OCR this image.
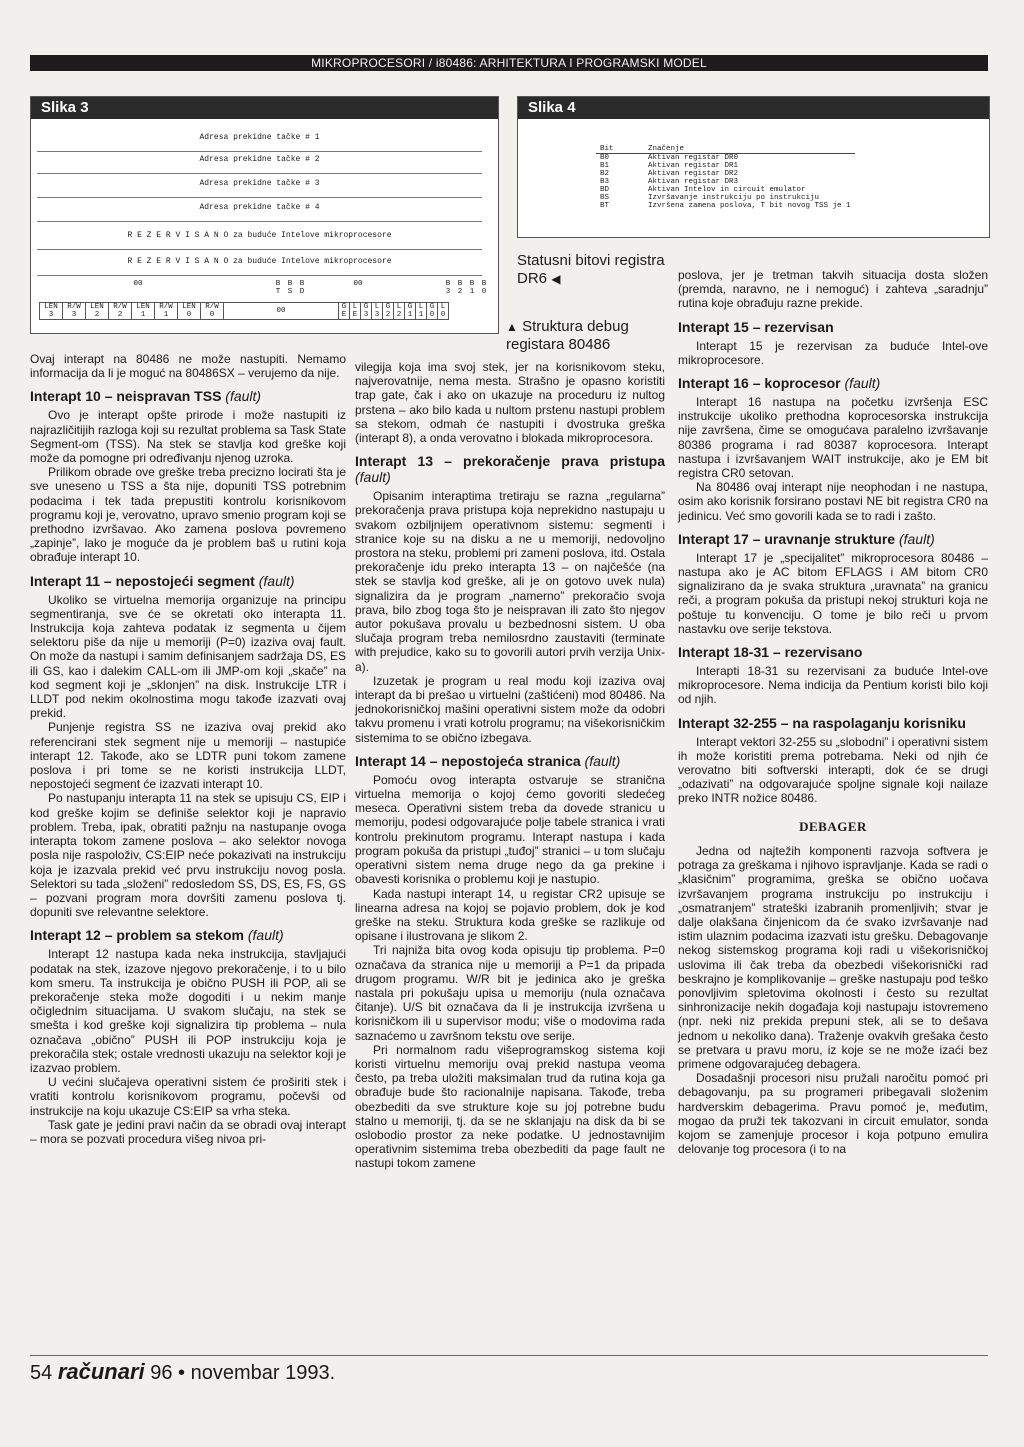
MIKROPROCESORI / i80486: ARHITEKTURA I PROGRAMSKI MODEL
Slika 3
Adresa prekidne tačke # 1
Adresa prekidne tačke # 2
Adresa prekidne tačke # 3
Adresa prekidne tačke # 4
R E Z E R V I S A N O za buduće Intelove mikroprocesore
R E Z E R V I S A N O za buduće Intelove mikroprocesore
00	B T
B S
B D
00	B 3
B 2
B 1
B 0
LEN 3	R/W 3	LEN 2	R/W 2	LEN 1	R/W 1	LEN 0	R/W 0	00	G E	L E	G 3	L 3	G 2	L 2	G 1	L 1	G 0	L 0
Slika 4
Bit	Značenje
B0	Aktivan registar DR0
B1	Aktivan registar DR1
B2	Aktivan registar DR2
B3	Aktivan registar DR3
BD	Aktivan Intelov in circuit emulator
BS	Izvršavanje instrukciju po instrukciju
BT	Izvršena zamena poslova, T bit novog TSS je 1
Statusni bitovi registra DR6 ◀
▲ Struktura debug registara 80486

Ovaj interapt na 80486 ne može nastupiti. Nemamo informacija da li je moguć na 80486SX – verujemo da nije.

Interapt 10 – neispravan TSS (fault)

Ovo je interapt opšte prirode i može nastupiti iz najrazličitijih razloga koji su rezultat problema sa Task State Segment-om (TSS). Na stek se stavlja kod greške koji može da pomogne pri određivanju njenog uzroka.

Prilikom obrade ove greške treba precizno locirati šta je sve uneseno u TSS a šta nije, dopuniti TSS potrebnim podacima i tek tada prepustiti kontrolu korisnikovom programu koji je, verovatno, upravo smenio program koji se prethodno izvršavao. Ako zamena poslova povremeno „zapinje”, lako je moguće da je problem baš u rutini koja obrađuje interapt 10.

Interapt 11 – nepostojeći segment (fault)

Ukoliko se virtuelna memorija organizuje na principu segmentiranja, sve će se okretati oko interapta 11. Instrukcija koja zahteva podatak iz segmenta u čijem selektoru piše da nije u memoriji (P=0) izaziva ovaj fault. On može da nastupi i samim definisanjem sadržaja DS, ES ili GS, kao i dalekim CALL-om ili JMP-om koji „skače” na kod segment koji je „sklonjen” na disk. Instrukcije LTR i LLDT pod nekim okolnostima mogu takođe izazvati ovaj prekid.

Punjenje registra SS ne izaziva ovaj prekid ako referencirani stek segment nije u memoriji – nastupiće interapt 12. Takođe, ako se LDTR puni tokom zamene poslova i pri tome se ne koristi instrukcija LLDT, nepostojeći segment će izazvati interapt 10.

Po nastupanju interapta 11 na stek se upisuju CS, EIP i kod greške kojim se definiše selektor koji je napravio problem. Treba, ipak, obratiti pažnju na nastupanje ovoga interapta tokom zamene poslova – ako selektor novoga posla nije raspoloživ, CS:EIP neće pokazivati na instrukciju koja je izazvala prekid već prvu instrukciju novog posla. Selektori su tada „složeni” redosledom SS, DS, ES, FS, GS – pozvani program mora dovršiti zamenu poslova tj. dopuniti sve relevantne selektore.

Interapt 12 – problem sa stekom (fault)

Interapt 12 nastupa kada neka instrukcija, stavljajući podatak na stek, izazove njegovo prekoračenje, i to u bilo kom smeru. Ta instrukcija je obično PUSH ili POP, ali se prekoračenje steka može dogoditi i u nekim manje očiglednim situacijama. U svakom slučaju, na stek se smešta i kod greške koji signalizira tip problema – nula označava „obično” PUSH ili POP instrukciju koja je prekoračila stek; ostale vrednosti ukazuju na selektor koji je izazvao problem.

U većini slučajeva operativni sistem će proširiti stek i vratiti kontrolu korisnikovom programu, počevši od instrukcije na koju ukazuje CS:EIP sa vrha steka.

Task gate je jedini pravi način da se obradi ovaj interapt – mora se pozvati procedura višeg nivoa pri-

vilegija koja ima svoj stek, jer na korisnikovom steku, najverovatnije, nema mesta. Strašno je opasno koristiti trap gate, čak i ako on ukazuje na proceduru iz nultog prstena – ako bilo kada u nultom prstenu nastupi problem sa stekom, odmah će nastupiti i dvostruka greška (interapt 8), a onda verovatno i blokada mikroprocesora.

Interapt 13 – prekoračenje prava pristupa (fault)

Opisanim interaptima tretiraju se razna „regularna” prekoračenja prava pristupa koja neprekidno nastupaju u svakom ozbiljnijem operativnom sistemu: segmenti i stranice koje su na disku a ne u memoriji, nedovoljno prostora na steku, problemi pri zameni poslova, itd. Ostala prekoračenje idu preko interapta 13 – on najčešće (na stek se stavlja kod greške, ali je on gotovo uvek nula) signalizira da je program „namerno” prekoračio svoja prava, bilo zbog toga što je neispravan ili zato što njegov autor pokušava provalu u bezbednosni sistem. U oba slučaja program treba nemilosrdno zaustaviti (terminate with prejudice, kako su to govorili autori prvih verzija Unix-a).

Izuzetak je program u real modu koji izaziva ovaj interapt da bi prešao u virtuelni (zaštićeni) mod 80486. Na jednokorisničkoj mašini operativni sistem može da odobri takvu promenu i vrati kotrolu programu; na višekorisničkim sistemima to se obično izbegava.

Interapt 14 – nepostojeća stranica (fault)

Pomoću ovog interapta ostvaruje se stranična virtuelna memorija o kojoj ćemo govoriti sledećeg meseca. Operativni sistem treba da dovede stranicu u memoriju, podesi odgovarajuće polje tabele stranica i vrati kontrolu prekinutom programu. Interapt nastupa i kada program pokuša da pristupi „tuđoj” stranici – u tom slučaju operativni sistem nema druge nego da ga prekine i obavesti korisnika o problemu koji je nastupio.

Kada nastupi interapt 14, u registar CR2 upisuje se linearna adresa na kojoj se pojavio problem, dok je kod greške na steku. Struktura koda greške se razlikuje od opisane i ilustrovana je slikom 2.

Tri najniža bita ovog koda opisuju tip problema. P=0 označava da stranica nije u memoriji a P=1 da pripada drugom programu. W/R bit je jedinica ako je greška nastala pri pokušaju upisa u memoriju (nula označava čitanje). U/S bit označava da li je instrukcija izvršena u korisničkom ili u supervisor modu; više o modovima rada saznaćemo u završnom tekstu ove serije.

Pri normalnom radu višeprogramskog sistema koji koristi virtuelnu memoriju ovaj prekid nastupa veoma često, pa treba uložiti maksimalan trud da rutina koja ga obrađuje bude što racionalnije napisana. Takođe, treba obezbediti da sve strukture koje su joj potrebne budu stalno u memoriji, tj. da se ne sklanjaju na disk da bi se oslobodio prostor za neke podatke. U jednostavnijim operativnim sistemima treba obezbediti da page fault ne nastupi tokom zamene

poslova, jer je tretman takvih situacija dosta složen (premda, naravno, ne i nemoguć) i zahteva „saradnju” rutina koje obrađuju razne prekide.

Interapt 15 – rezervisan

Interapt 15 je rezervisan za buduće Intel-ove mikroprocesore.

Interapt 16 – koprocesor (fault)

Interapt 16 nastupa na početku izvršenja ESC instrukcije ukoliko prethodna koprocesorska instrukcija nije završena, čime se omogućava paralelno izvršavanje 80386 programa i rad 80387 koprocesora. Interapt nastupa i izvršavanjem WAIT instrukcije, ako je EM bit registra CR0 setovan.

Na 80486 ovaj interapt nije neophodan i ne nastupa, osim ako korisnik forsirano postavi NE bit registra CR0 na jedinicu. Već smo govorili kada se to radi i zašto.

Interapt 17 – uravnanje strukture (fault)

Interapt 17 je „specijalitet” mikroprocesora 80486 – nastupa ako je AC bitom EFLAGS i AM bitom CR0 signalizirano da je svaka struktura „uravnata” na granicu reči, a program pokuša da pristupi nekoj strukturi koja ne poštuje tu konvenciju. O tome je bilo reči u prvom nastavku ove serije tekstova.

Interapt 18-31 – rezervisano

Interapti 18-31 su rezervisani za buduće Intel-ove mikroprocesore. Nema indicija da Pentium koristi bilo koji od njih.

Interapt 32-255 – na raspolaganju korisniku

Interapt vektori 32-255 su „slobodni” i operativni sistem ih može koristiti prema potrebama. Neki od njih će verovatno biti softverski interapti, dok će se drugi „odazivati” na odgovarajuće spoljne signale koji nailaze preko INTR nožice 80486.

DEBAGER

Jedna od najtežih komponenti razvoja softvera je potraga za greškama i njihovo ispravljanje. Kada se radi o „klasičnim” programima, greška se obično uočava izvršavanjem programa instrukciju po instrukciju i „osmatranjem” strateški izabranih promenljivih; stvar je dalje olakšana činjenicom da će svako izvršavanje nad istim ulaznim podacima izazvati istu grešku. Debagovanje nekog sistemskog programa koji radi u višekorisničkoj uslovima ili čak treba da obezbedi višekorisnički rad beskrajno je komplikovanije – greške nastupaju pod teško ponovljivim spletovima okolnosti i često su rezultat sinhronizacije nekih događaja koji nastupaju istovremeno (npr. neki niz prekida prepuni stek, ali se to dešava jednom u nekoliko dana). Traženje ovakvih grešaka često se pretvara u pravu moru, iz koje se ne može izaći bez primene odgovarajućeg debagera.

Dosadašnji procesori nisu pružali naročitu pomoć pri debagovanju, pa su programeri pribegavali složenim hardverskim debagerima. Pravu pomoć je, međutim, mogao da pruži tek takozvani in circuit emulator, sonda kojom se zamenjuje procesor i koja potpuno emulira delovanje tog procesora (i to na

54 računari 96 • novembar 1993.
